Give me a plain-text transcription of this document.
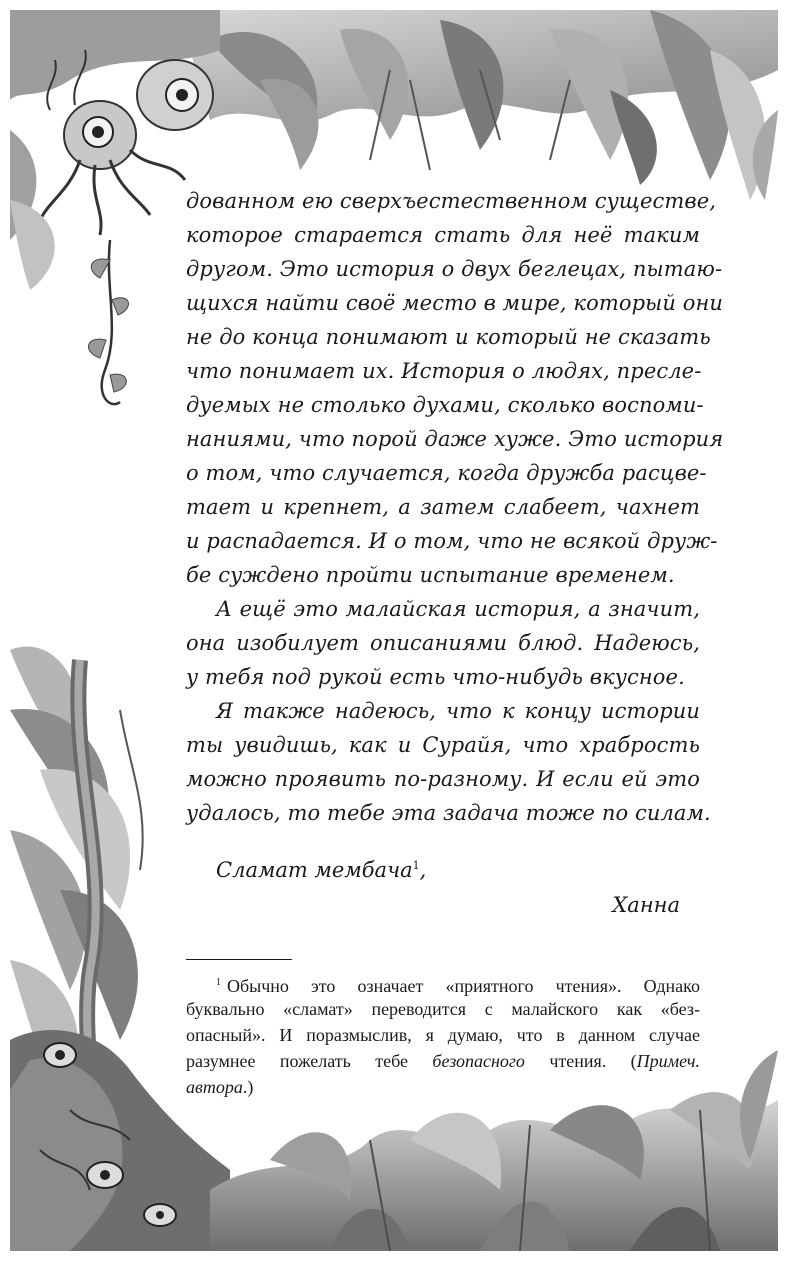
дованном ею сверхъестественном существе,
которое старается стать для неё таким
другом. Это история о двух беглецах, пытаю-
щихся найти своё место в мире, который они
не до конца понимают и который не сказать
что понимает их. История о людях, пресле-
дуемых не столько духами, сколько воспоми-
наниями, что порой даже хуже. Это история
о том, что случается, когда дружба расцве-
тает и крепнет, а затем слабеет, чахнет
и распадается. И о том, что не всякой друж-
бе суждено пройти испытание временем.
А ещё это малайская история, а значит,
она изобилует описаниями блюд. Надеюсь,
у тебя под рукой есть что-нибудь вкусное.
Я также надеюсь, что к концу истории
ты увидишь, как и Сурайя, что храбрость
можно проявить по-разному. И если ей это
удалось, то тебе эта задача тоже по силам.
Сламат мембача$^1$,
Ханна
$^1$ Обычно это означает «приятного чтения». Однако
буквально «сламат» переводится с малайского как «без-
опасный». И поразмыслив, я думаю, что в данном случае
разумнее пожелать тебе безопасного чтения. (Примеч.
автора.)
